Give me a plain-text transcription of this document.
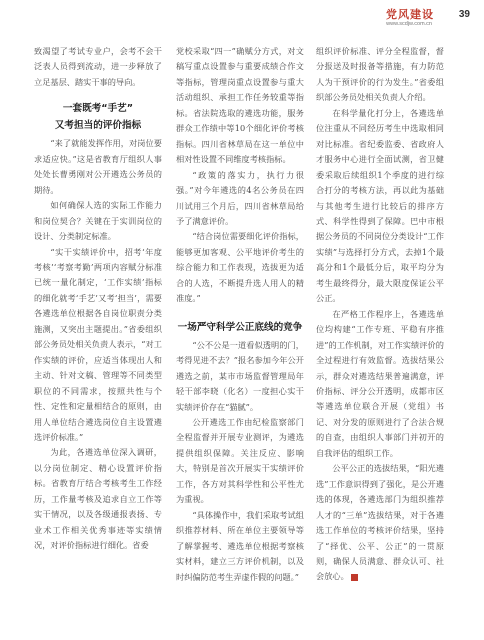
党风建设
www.scdjw.com.cn
39

致渴望了考试专业户，会考不会干泛表人员得到流动，进一步释放了立足基层、踏实干事的导向。

一套既考“手艺”
又考担当的评价指标

“来了就能发挥作用，对岗位要求适应快。”这是省教育厅组织人事处处长曹勇刚对公开遴选公务员的期待。

如何确保人选的实际工作能力和岗位契合？关键在于实训岗位的设计、分类制定标准。

“实干实绩评价中，招考‘年度考核’‘考察考勤’两项内容赋分标准已统一量化制定，‘工作实绩’指标的细化就考‘手艺’又考‘担当’，需要各遴选单位根据各自岗位职责分类施测，又突出主题提出。”省委组织部公务员处相关负责人表示，“对工作实绩的评价，应适当体现出人和主动、针对文稿、管理等不同类型职位的不同需求，按照共性与个性、定性和定量相结合的原则，由用人单位结合遴选岗位自主设置遴选评价标准。”

为此，各遴选单位深入调研，以分岗位制定、精心设置评价指标。省教育厅结合考核考生工作经历，工作量考核及追求自立工作等实干情况，以及各级通报表扬、专业术工作相关优秀事迹等实绩情况，对评价指标进行细化。省委

党校采取“四一”确赋分方式，对文稿写重点设置参与重要成绩合作文等指标，管理岗重点设置参与重大活动组织、承担工作任务较重等指标。省法院选取的遴选功能，服务群众工作绩中等10个细化评价考核指标。四川省林草局在这一单位中相对性设置不同维度考核指标。

“政策的落实力，执行力很强。”对今年遴选的4名公务员在四川试用三个月后，四川省林草局给予了满意评价。

“结合岗位需要细化评价指标，能够更加客观、公平地评价考生的综合能力和工作表现，选拔更为适合的人选，不断提升选人用人的精准度。”

一场严守科学公正底线的竞争

“公不公是一道看似透明的门，考得见进不去？”报名参加今年公开遴选之前，某市市场监督管理局年轻干部李晓（化名）一度担心实干实绩评价存在“猫腻”。

公开遴选工作由纪检监察部门全程监督并开展专业测评，为遴选提供组织保障。关注反应、影响大，特别是首次开展实干实绩评价工作，各方对其科学性和公平性尤为重视。

“具体操作中，我们采取考试组织推荐材料、所在单位主要领导等了解掌握考、遴选单位根据考察核实材料，建立三方评价机制，以及时纠偏防范考生弄虚作假的问题。”

组织评价标准、评分全程监督，督分报送及时报备等措施，有力防范人为干预评价的行为发生。”省委组织部公务员处相关负责人介绍。

在科学量化打分上，各遴选单位注重从不同经历考生中选取相同对比标准。省纪委监委、省政府人才服务中心进行全面试测，省卫健委采取后续组织1个季度的进行综合打分的考核方法，再以此为基础与其他考生进行比较后的排序方式、科学性得到了保障。巴中市根据公务员的不同岗位分类设计“工作实绩”与选择打分方式，去掉1个最高分和1个最低分后，取平均分为考生最终得分，最大限度保证公平公正。

在严格工作程序上，各遴选单位均构建“工作专班、平稳有序推进”的工作机制，对工作实绩评价的全过程进行有效监督。选拔结果公示，群众对遴选结果普遍满意，评价指标、评分公开透明，成都市区等遴选单位联合开展（党组）书记、对分发的原则进行了合法合规的自查，由组织人事部门并初开的自我评估的组织工作。

公平公正的选拔结果，“阳光遴选”工作意识得到了强化，是公开遴选的体现，各遴选部门为组织推荐人才的“三单”选拔结果，对于各遴选工作单位的考核评价结果，坚持了“择优、公平、公正”的一贯原则，确保人员满意、群众认可、社会放心。
